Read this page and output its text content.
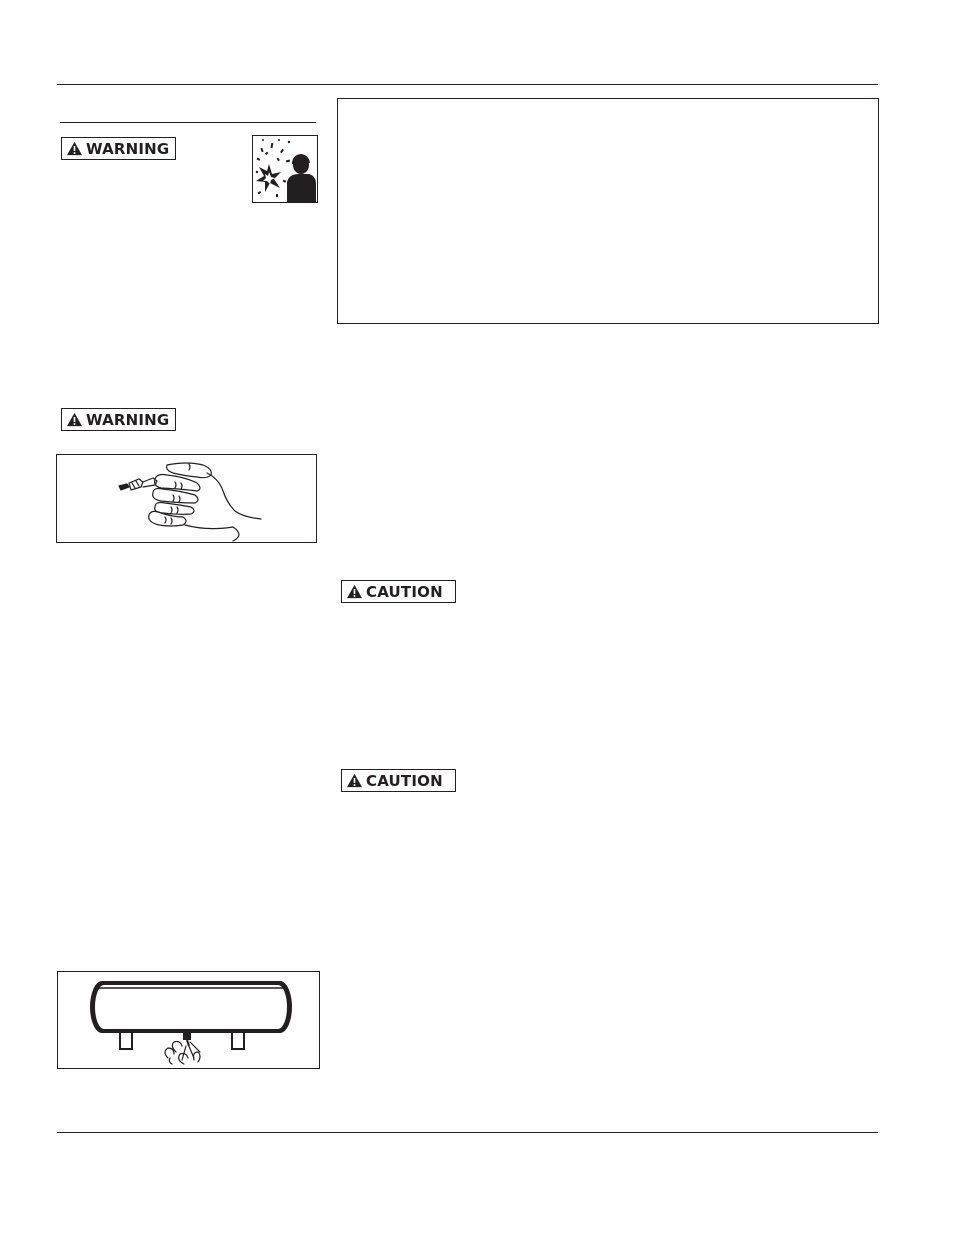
WARNING
WARNING
CAUTION
CAUTION
